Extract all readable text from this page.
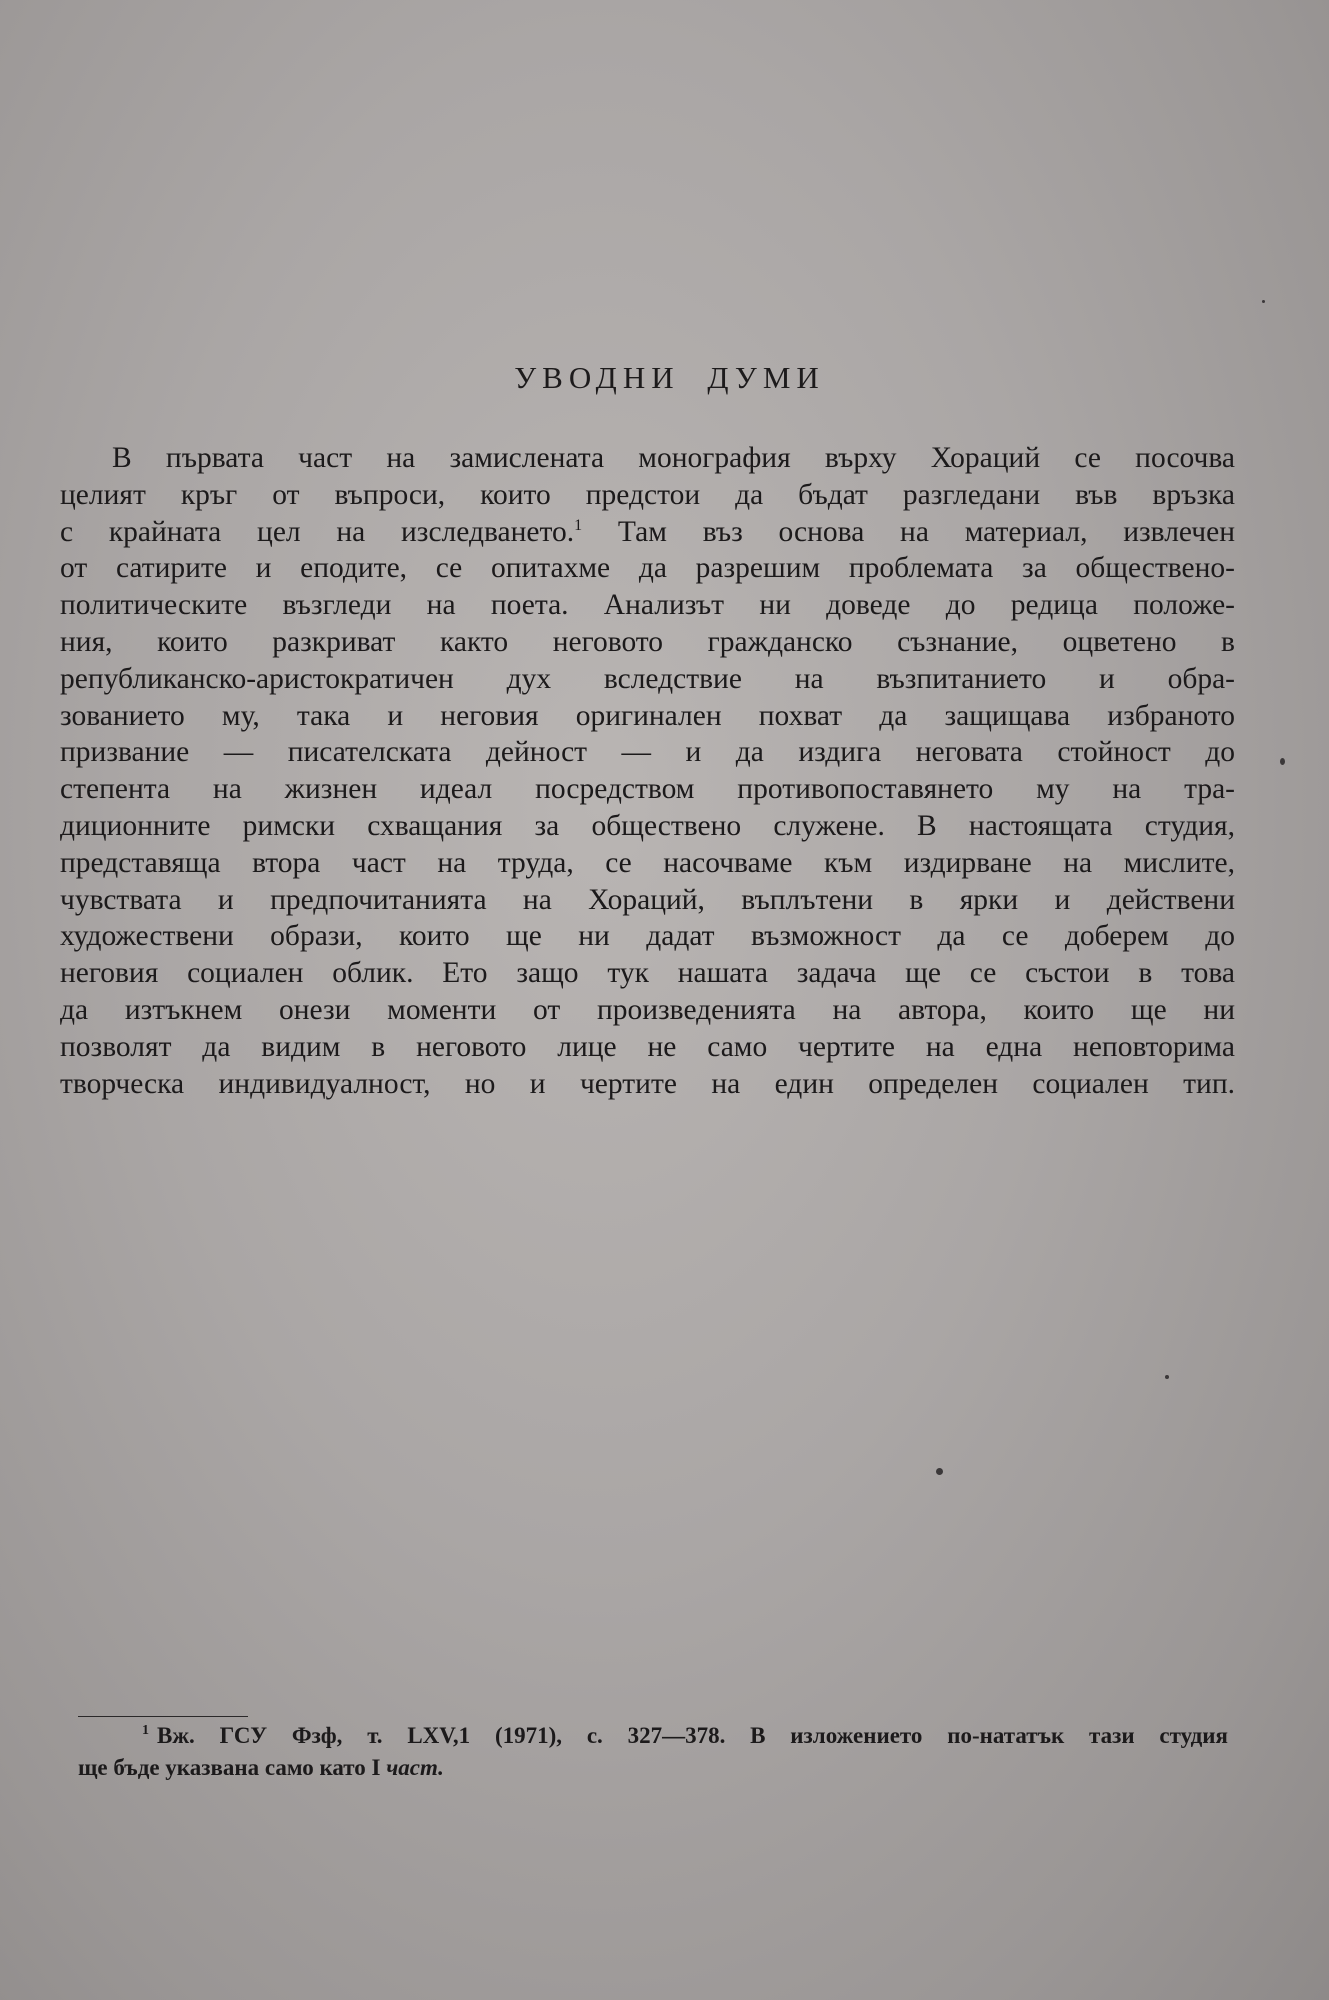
УВОДНИ ДУМИ
В първата част на замислената монография върху Хораций се посочва
целият кръг от въпроси, които предстои да бъдат разгледани във връзка
с крайната цел на изследването.$^1$ Там въз основа на материал, извлечен
от сатирите и еподите, се опитахме да разрешим проблемата за обществено-
политическите възгледи на поета. Анализът ни доведе до редица положе-
ния, които разкриват както неговото гражданско съзнание, оцветено в
републиканско-аристократичен дух вследствие на възпитанието и обра-
зованието му, така и неговия оригинален похват да защищава избраното
призвание — писателската дейност — и да издига неговата стойност до
степента на жизнен идеал посредством противопоставянето му на тра-
диционните римски схващания за обществено служене. В настоящата студия,
представяща втора част на труда, се насочваме към издирване на мислите,
чувствата и предпочитанията на Хораций, въплътени в ярки и действени
художествени образи, които ще ни дадат възможност да се доберем до
неговия социален облик. Ето защо тук нашата задача ще се състои в това
да изтъкнем онези моменти от произведенията на автора, които ще ни
позволят да видим в неговото лице не само чертите на една неповторима
творческа индивидуалност, но и чертите на един определен социален тип.
$^1$ Вж. ГСУ Фзф, т. LXV,1 (1971), с. 327—378. В изложението по-нататък тази студия
ще бъде указвана само като I част.
